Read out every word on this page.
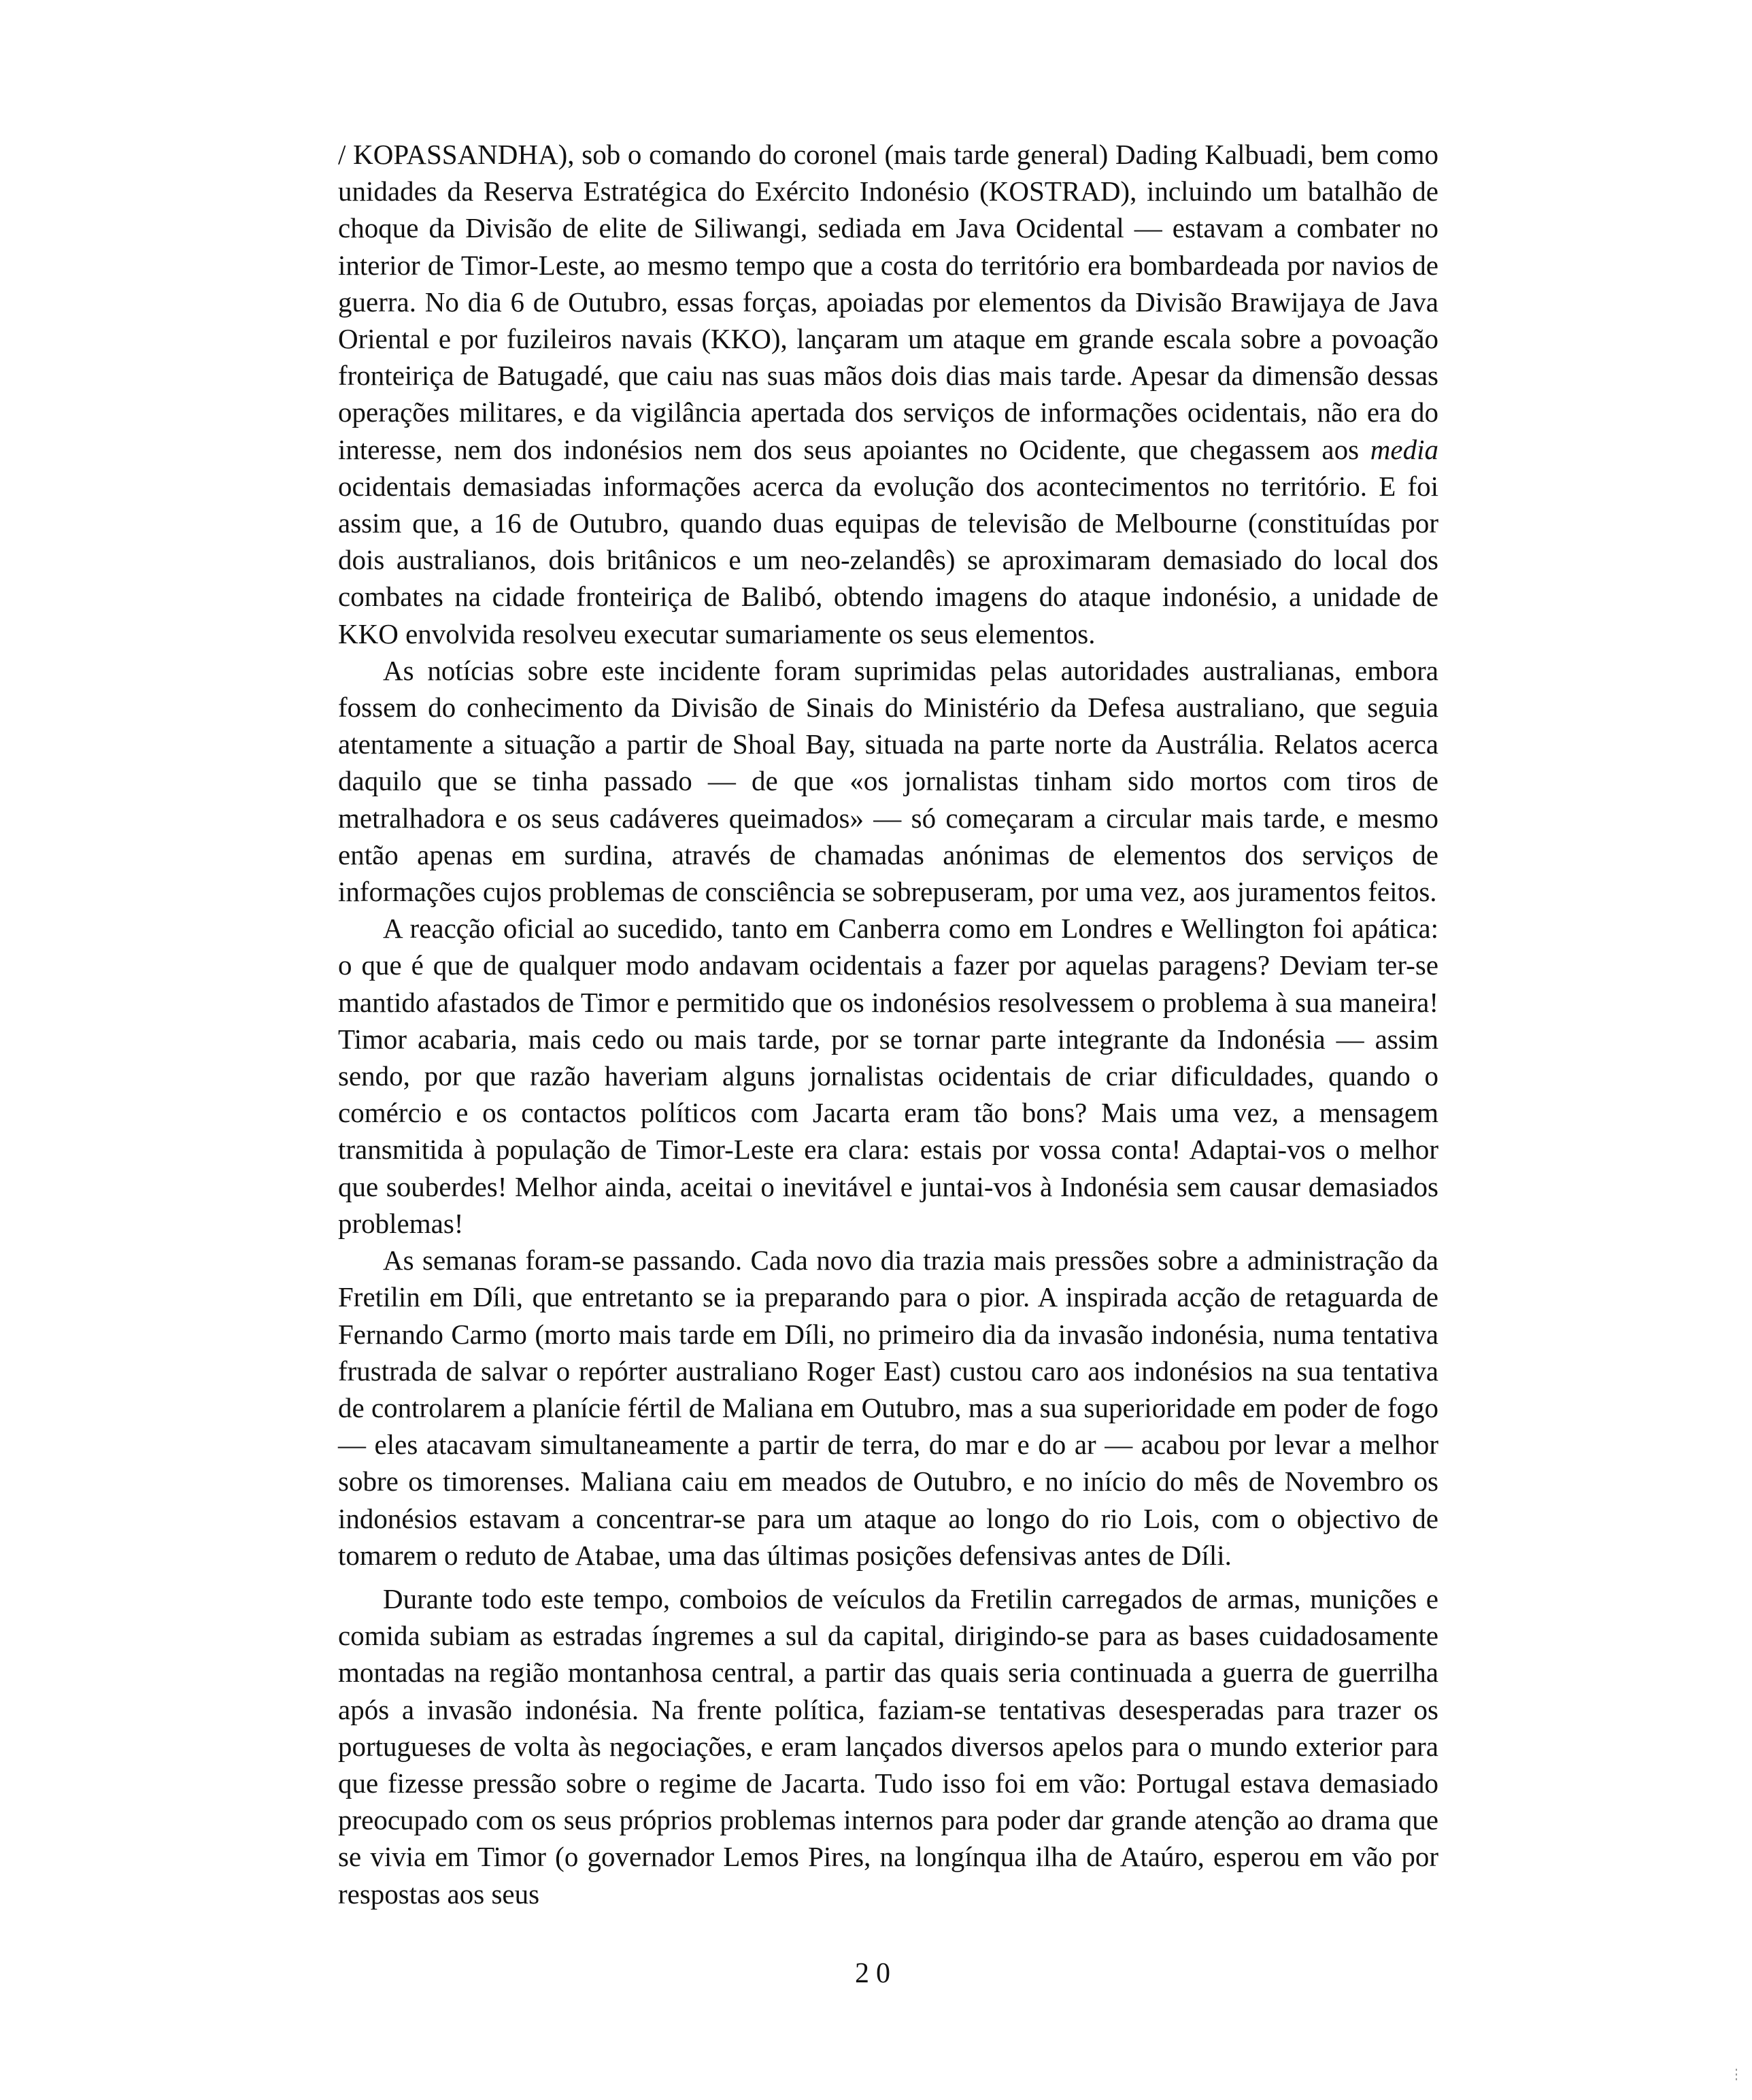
/ KOPASSANDHA), sob o comando do coronel (mais tarde general) Dading Kalbuadi, bem como unidades da Reserva Estratégica do Exército Indonésio (KOSTRAD), incluindo um batalhão de choque da Divisão de elite de Siliwangi, sediada em Java Ocidental — estavam a combater no interior de Timor-Leste, ao mesmo tempo que a costa do território era bombardeada por navios de guerra. No dia 6 de Outubro, essas forças, apoiadas por elementos da Divisão Brawijaya de Java Oriental e por fuzileiros navais (KKO), lançaram um ataque em grande escala sobre a povoação fronteiriça de Batugadé, que caiu nas suas mãos dois dias mais tarde. Apesar da dimensão dessas operações militares, e da vigilância apertada dos serviços de informações ocidentais, não era do interesse, nem dos indonésios nem dos seus apoiantes no Ocidente, que chegassem aos media ocidentais demasiadas informações acerca da evolução dos acontecimentos no território. E foi assim que, a 16 de Outubro, quando duas equipas de televisão de Melbourne (constituídas por dois australianos, dois britânicos e um neo-zelandês) se aproximaram demasiado do local dos combates na cidade fronteiriça de Balibó, obtendo imagens do ataque indonésio, a unidade de KKO envolvida resolveu executar sumariamente os seus elementos.

As notícias sobre este incidente foram suprimidas pelas autoridades australianas, embora fossem do conhecimento da Divisão de Sinais do Ministério da Defesa australiano, que seguia atentamente a situação a partir de Shoal Bay, situada na parte norte da Austrália. Relatos acerca daquilo que se tinha passado — de que «os jornalistas tinham sido mortos com tiros de metralhadora e os seus cadáveres queimados» — só começaram a circular mais tarde, e mesmo então apenas em surdina, através de chamadas anónimas de elementos dos serviços de informações cujos problemas de consciência se sobrepuseram, por uma vez, aos juramentos feitos.

A reacção oficial ao sucedido, tanto em Canberra como em Londres e Wellington foi apática: o que é que de qualquer modo andavam ocidentais a fazer por aquelas paragens? Deviam ter-se mantido afastados de Timor e permitido que os indonésios resolvessem o problema à sua maneira! Timor acabaria, mais cedo ou mais tarde, por se tornar parte integrante da Indonésia — assim sendo, por que razão haveriam alguns jornalistas ocidentais de criar dificuldades, quando o comércio e os contactos políticos com Jacarta eram tão bons? Mais uma vez, a mensagem transmitida à população de Timor-Leste era clara: estais por vossa conta! Adaptai-vos o melhor que souberdes! Melhor ainda, aceitai o inevitável e juntai-vos à Indonésia sem causar demasiados problemas!

As semanas foram-se passando. Cada novo dia trazia mais pressões sobre a administração da Fretilin em Díli, que entretanto se ia preparando para o pior. A inspirada acção de retaguarda de Fernando Carmo (morto mais tarde em Díli, no primeiro dia da invasão indonésia, numa tentativa frustrada de salvar o repórter australiano Roger East) custou caro aos indonésios na sua tentativa de controlarem a planície fértil de Maliana em Outubro, mas a sua superioridade em poder de fogo — eles atacavam simultaneamente a partir de terra, do mar e do ar — acabou por levar a melhor sobre os timorenses. Maliana caiu em meados de Outubro, e no início do mês de Novembro os indonésios estavam a concentrar-se para um ataque ao longo do rio Lois, com o objectivo de tomarem o reduto de Atabae, uma das últimas posições defensivas antes de Díli.

Durante todo este tempo, comboios de veículos da Fretilin carregados de armas, munições e comida subiam as estradas íngremes a sul da capital, dirigindo-se para as bases cuidadosamente montadas na região montanhosa central, a partir das quais seria continuada a guerra de guerrilha após a invasão indonésia. Na frente política, faziam-se tentativas desesperadas para trazer os portugueses de volta às negociações, e eram lançados diversos apelos para o mundo exterior para que fizesse pressão sobre o regime de Jacarta. Tudo isso foi em vão: Portugal estava demasiado preocupado com os seus próprios problemas internos para poder dar grande atenção ao drama que se vivia em Timor (o governador Lemos Pires, na longínqua ilha de Ataúro, esperou em vão por respostas aos seus

20
